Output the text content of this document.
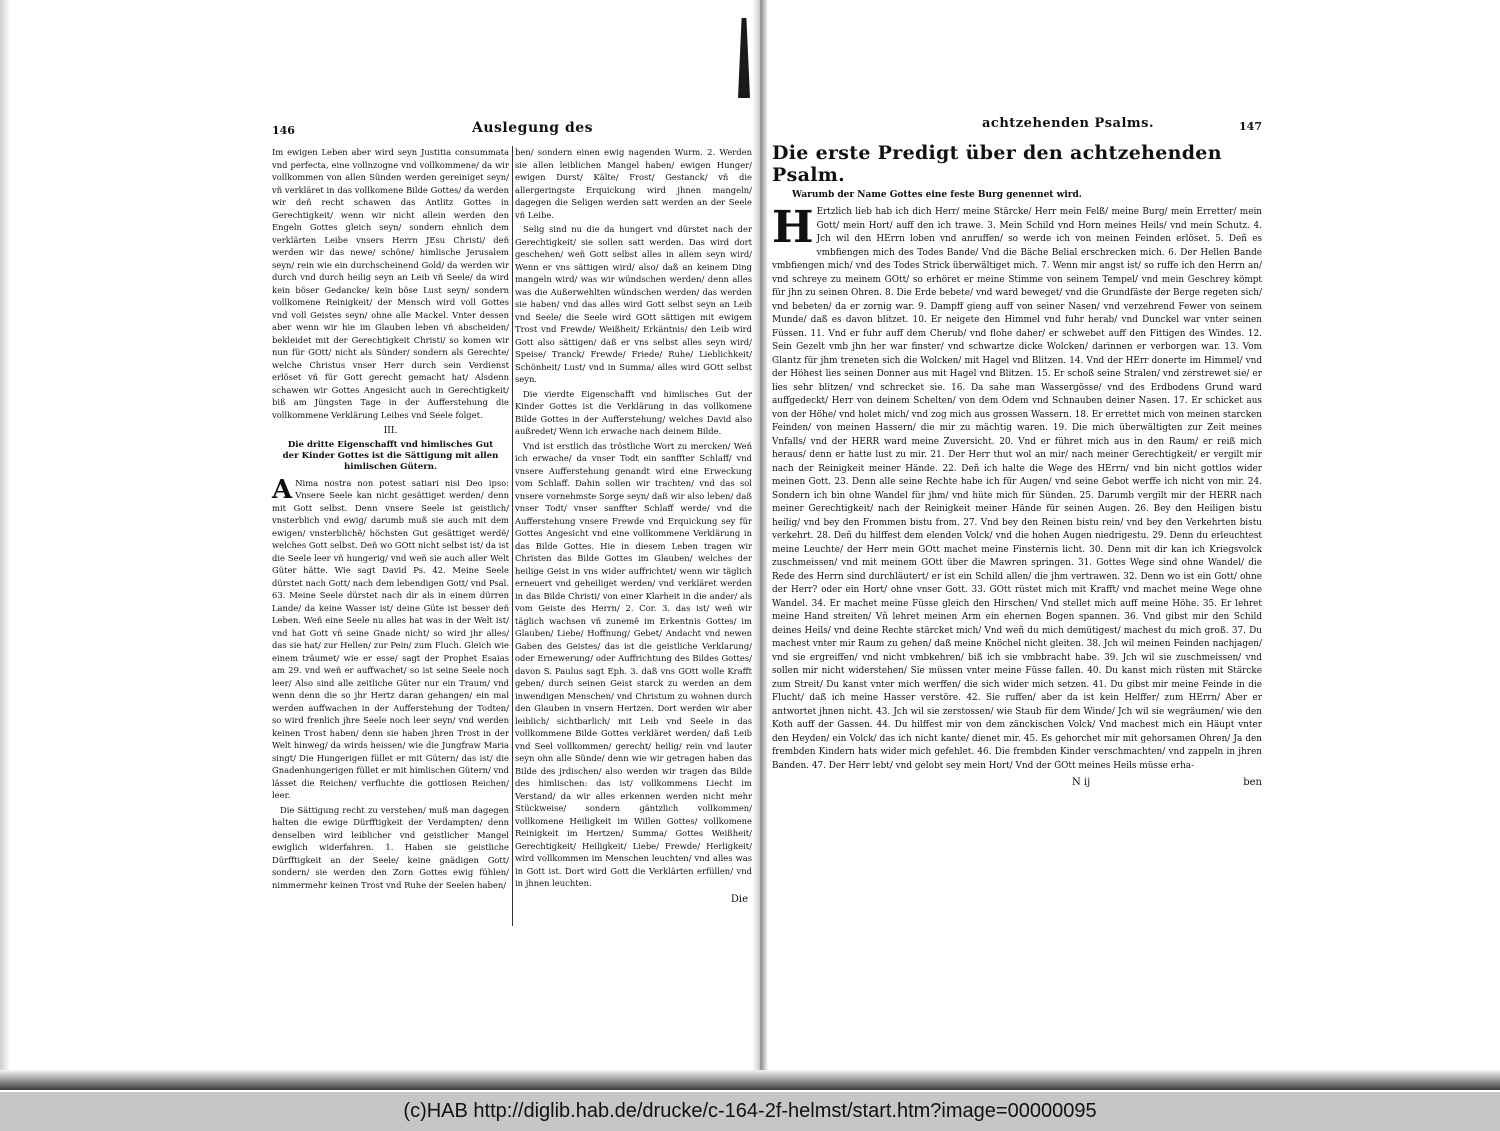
146	Auslegung des

Im ewigen Leben aber wird seyn Justitia consummata vnd perfecta, eine vollnzogne vnd vollkommene/ da wir vollkommen von allen Sünden werden gereiniget seyn/ vñ verkläret in das vollkomene Bilde Gottes/ da werden wir deñ recht schawen das Antlitz Gottes in Gerechtigkeit/ wenn wir nicht allein werden den Engeln Gottes gleich seyn/ sondern ehnlich dem verklärten Leibe vnsers Herrn JEsu Christi/ deñ werden wir das newe/ schöne/ himlische Jerusalem seyn/ rein wie ein durchscheinend Gold/ da werden wir durch vnd durch heilig seyn an Leib vñ Seele/ da wird kein böser Gedancke/ kein böse Lust seyn/ sondern vollkomene Reinigkeit/ der Mensch wird voll Gottes vnd voll Geistes seyn/ ohne alle Mackel. Vnter dessen aber wenn wir hie im Glauben leben vñ abscheiden/ bekleidet mit der Gerechtigkeit Christi/ so komen wir nun für GOtt/ nicht als Sünder/ sondern als Gerechte/ welche Christus vnser Herr durch sein Verdienst erlöset vñ für Gott gerecht gemacht hat/ Alsdenn schawen wir Gottes Angesicht auch in Gerechtigkeit/ biß am Jüngsten Tage in der Aufferstehung die vollkommene Verklärung Leibes vnd Seele folget.

III.
Die dritte Eigenschafft vnd himlisches Gut der Kinder Gottes ist die Sättigung mit allen himlischen Gütern.

A Nima nostra non potest satiari nisi Deo ipso: Vnsere Seele kan nicht gesättiget werden/ denn mit Gott selbst. Denn vnsere Seele ist geistlich/ vnsterblich vnd ewig/ darumb muß sie auch mit dem ewigen/ vnsterblichẽ/ höchsten Gut gesättiget werdẽ/ welches Gott selbst. Deñ wo GOtt nicht selbst ist/ da ist die Seele leer vñ hungerig/ vnd weñ sie auch aller Welt Güter hätte. Wie sagt David Ps. 42. Meine Seele dürstet nach Gott/ nach dem lebendigen Gott/ vnd Psal. 63. Meine Seele dürstet nach dir als in einem dürren Lande/ da keine Wasser ist/ deine Güte ist besser deñ Leben. Weñ eine Seele nu alles hat was in der Welt ist/ vnd hat Gott vñ seine Gnade nicht/ so wird jhr alles/ das sie hat/ zur Hellen/ zur Pein/ zum Fluch. Gleich wie einem träumet/ wie er esse/ sagt der Prophet Esaias am 29. vnd weñ er auffwachet/ so ist seine Seele noch leer/ Also sind alle zeitliche Güter nur ein Traum/ vnd wenn denn die so jhr Hertz daran gehangen/ ein mal werden auffwachen in der Aufferstehung der Todten/ so wird frenlich jhre Seele noch leer seyn/ vnd werden keinen Trost haben/ denn sie haben jhren Trost in der Welt hinweg/ da wirds heissen/ wie die Jungfraw Maria singt/ Die Hungerigen füllet er mit Gütern/ das ist/ die Gnadenhungerigen füllet er mit himlischen Gütern/ vnd lässet die Reichen/ verfluchte die gottlosen Reichen/ leer.

Die Sättigung recht zu verstehen/ muß man dagegen halten die ewige Dürfftigkeit der Verdampten/ denn denselben wird leiblicher vnd geistlicher Mangel ewiglich widerfahren. 1. Haben sie geistliche Dürfftigkeit an der Seele/ keine gnädigen Gott/ sondern/ sie werden den Zorn Gottes ewig fühlen/ nimmermehr keinen Trost vnd Ruhe der Seelen haben/

ben/ sondern einen ewig nagenden Wurm. 2. Werden sie allen leiblichen Mangel haben/ ewigen Hunger/ ewigen Durst/ Kälte/ Frost/ Gestanck/ vñ die allergeringste Erquickung wird jhnen mangeln/ dagegen die Seligen werden satt werden an der Seele vñ Leibe.

Selig sind nu die da hungert vnd dürstet nach der Gerechtigkeit/ sie sollen satt werden. Das wird dort geschehen/ weñ Gott selbst alles in allem seyn wird/ Wenn er vns sättigen wird/ also/ daß an keinem Ding mangeln wird/ was wir wündschen werden/ denn alles was die Außerwehlten wündschen werden/ das werden sie haben/ vnd das alles wird Gott selbst seyn an Leib vnd Seele/ die Seele wird GOtt sättigen mit ewigem Trost vnd Frewde/ Weißheit/ Erkäntnis/ den Leib wird Gott also sättigen/ daß er vns selbst alles seyn wird/ Speise/ Tranck/ Frewde/ Friede/ Ruhe/ Lieblichkeit/ Schönheit/ Lust/ vnd in Summa/ alles wird GOtt selbst seyn.

Die vierdte Eigenschafft vnd himlisches Gut der Kinder Gottes ist die Verklärung in das vollkomene Bilde Gottes in der Aufferstehung/ welches David also außredet/ Wenn ich erwache nach deinem Bilde.

Vnd ist erstlich das tröstliche Wort zu mercken/ Weñ ich erwache/ da vnser Todt ein sanffter Schlaff/ vnd vnsere Aufferstehung genandt wird eine Erweckung vom Schlaff. Dahin sollen wir trachten/ vnd das sol vnsere vornehmste Sorge seyn/ daß wir also leben/ daß vnser Todt/ vnser sanffter Schlaff werde/ vnd die Aufferstehung vnsere Frewde vnd Erquickung sey für Gottes Angesicht vnd eine vollkommene Verklärung in das Bilde Gottes. Hie in diesem Leben tragen wir Christen das Bilde Gottes im Glauben/ welches der heilige Geist in vns wider auffrichtet/ wenn wir täglich erneuert vnd geheiliget werden/ vnd verkläret werden in das Bilde Christi/ von einer Klarheit in die ander/ als vom Geiste des Herrn/ 2. Cor. 3. das ist/ weñ wir täglich wachsen vñ zunemẽ im Erkentnis Gottes/ im Glauben/ Liebe/ Hoffnung/ Gebet/ Andacht vnd newen Gaben des Geistes/ das ist die geistliche Verklarung/ oder Ernewerung/ oder Auffrichtung des Bildes Gottes/ davon S. Paulus sagt Eph. 3. daß vns GOtt wolle Krafft geben/ durch seinen Geist starck zu werden an dem inwendigen Menschen/ vnd Christum zu wohnen durch den Glauben in vnsern Hertzen. Dort werden wir aber leiblich/ sichtbarlich/ mit Leib vnd Seele in das vollkommene Bilde Gottes verkläret werden/ daß Leib vnd Seel vollkommen/ gerecht/ heilig/ rein vnd lauter seyn ohn alle Sünde/ denn wie wir getragen haben das Bilde des jrdischen/ also werden wir tragen das Bilde des himlischen: das ist/ vollkommens Liecht im Verstand/ da wir alles erkennen werden nicht mehr Stückweise/ sondern gäntzlich vollkommen/ vollkomene Heiligkeit im Willen Gottes/ vollkomene Reinigkeit im Hertzen/ Summa/ Gottes Weißheit/ Gerechtigkeit/ Heiligkeit/ Liebe/ Frewde/ Herligkeit/ wird vollkommen im Menschen leuchten/ vnd alles was in Gott ist. Dort wird Gott die Verklärten erfüllen/ vnd in jhnen leuchten.

Die
achtzehenden Psalms.	147
Die erste Predigt über den achtzehenden Psalm.
Warumb der Name Gottes eine feste Burg genennet wird.
H Ertzlich lieb hab ich dich Herr/ meine Stärcke/ Herr mein Felß/ meine Burg/ mein Erretter/ mein Gott/ mein Hort/ auff den ich trawe. 3. Mein Schild vnd Horn meines Heils/ vnd mein Schutz. 4. Jch wil den HErrn loben vnd anruffen/ so werde ich von meinen Feinden erlöset. 5. Deñ es vmbfiengen mich des Todes Bande/ Vnd die Bäche Belial erschrecken mich. 6. Der Hellen Bande vmbfiengen mich/ vnd des Todes Strick überwältiget mich. 7. Wenn mir angst ist/ so ruffe ich den Herrn an/ vnd schreye zu meinem GOtt/ so erhöret er meine Stimme von seinem Tempel/ vnd mein Geschrey kömpt für jhn zu seinen Ohren. 8. Die Erde bebete/ vnd ward beweget/ vnd die Grundfäste der Berge regeten sich/ vnd bebeten/ da er zornig war. 9. Dampff gieng auff von seiner Nasen/ vnd verzehrend Fewer von seinem Munde/ daß es davon blitzet. 10. Er neigete den Himmel vnd fuhr herab/ vnd Dunckel war vnter seinen Füssen. 11. Vnd er fuhr auff dem Cherub/ vnd flohe daher/ er schwebet auff den Fittigen des Windes. 12. Sein Gezelt vmb jhn her war finster/ vnd schwartze dicke Wolcken/ darinnen er verborgen war. 13. Vom Glantz für jhm treneten sich die Wolcken/ mit Hagel vnd Blitzen. 14. Vnd der HErr donerte im Himmel/ vnd der Höhest lies seinen Donner aus mit Hagel vnd Blitzen. 15. Er schoß seine Stralen/ vnd zerstrewet sie/ er lies sehr blitzen/ vnd schrecket sie. 16. Da sahe man Wassergösse/ vnd des Erdbodens Grund ward auffgedeckt/ Herr von deinem Schelten/ von dem Odem vnd Schnauben deiner Nasen. 17. Er schicket aus von der Höhe/ vnd holet mich/ vnd zog mich aus grossen Wassern. 18. Er errettet mich von meinen starcken Feinden/ von meinen Hassern/ die mir zu mächtig waren. 19. Die mich überwältigten zur Zeit meines Vnfalls/ vnd der HERR ward meine Zuversicht. 20. Vnd er führet mich aus in den Raum/ er reiß mich heraus/ denn er hatte lust zu mir. 21. Der Herr thut wol an mir/ nach meiner Gerechtigkeit/ er vergilt mir nach der Reinigkeit meiner Hände. 22. Deñ ich halte die Wege des HErrn/ vnd bin nicht gottlos wider meinen Gott. 23. Denn alle seine Rechte habe ich für Augen/ vnd seine Gebot werffe ich nicht von mir. 24. Sondern ich bin ohne Wandel für jhm/ vnd hüte mich für Sünden. 25. Darumb vergilt mir der HERR nach meiner Gerechtigkeit/ nach der Reinigkeit meiner Hände für seinen Augen. 26. Bey den Heiligen bistu heilig/ vnd bey den Frommen bistu from. 27. Vnd bey den Reinen bistu rein/ vnd bey den Verkehrten bistu verkehrt. 28. Deñ du hilffest dem elenden Volck/ vnd die hohen Augen niedrigestu. 29. Denn du erleuchtest meine Leuchte/ der Herr mein GOtt machet meine Finsternis licht. 30. Denn mit dir kan ich Kriegsvolck zuschmeissen/ vnd mit meinem GOtt über die Mawren springen. 31. Gottes Wege sind ohne Wandel/ die Rede des Herrn sind durchläutert/ er ist ein Schild allen/ die jhm vertrawen. 32. Denn wo ist ein Gott/ ohne der Herr? oder ein Hort/ ohne vnser Gott. 33. GOtt rüstet mich mit Krafft/ vnd machet meine Wege ohne Wandel. 34. Er machet meine Füsse gleich den Hirschen/ Vnd stellet mich auff meine Höhe. 35. Er lehret meine Hand streiten/ Vñ lehret meinen Arm ein ehernen Bogen spannen. 36. Vnd gibst mir den Schild deines Heils/ vnd deine Rechte stärcket mich/ Vnd weñ du mich demütigest/ machest du mich groß. 37. Du machest vnter mir Raum zu gehen/ daß meine Knöchel nicht gleiten. 38. Jch wil meinen Feinden nachjagen/ vnd sie ergreiffen/ vnd nicht vmbkehren/ biß ich sie vmbbracht habe. 39. Jch wil sie zuschmeissen/ vnd sollen mir nicht widerstehen/ Sie müssen vnter meine Füsse fallen. 40. Du kanst mich rüsten mit Stärcke zum Streit/ Du kanst vnter mich werffen/ die sich wider mich setzen. 41. Du gibst mir meine Feinde in die Flucht/ daß ich meine Hasser verstöre. 42. Sie ruffen/ aber da ist kein Helffer/ zum HErrn/ Aber er antwortet jhnen nicht. 43. Jch wil sie zerstossen/ wie Staub für dem Winde/ Jch wil sie wegräumen/ wie den Koth auff der Gassen. 44. Du hilffest mir von dem zänckischen Volck/ Vnd machest mich ein Häupt vnter den Heyden/ ein Volck/ das ich nicht kante/ dienet mir. 45. Es gehorchet mir mit gehorsamen Ohren/ Ja den frembden Kindern hats wider mich gefehlet. 46. Die frembden Kinder verschmachten/ vnd zappeln in jhren Banden. 47. Der Herr lebt/ vnd gelobt sey mein Hort/ Vnd der GOtt meines Heils müsse erha-
N ij	ben
(c)HAB http://diglib.hab.de/drucke/c-164-2f-helmst/start.htm?image=00000095
